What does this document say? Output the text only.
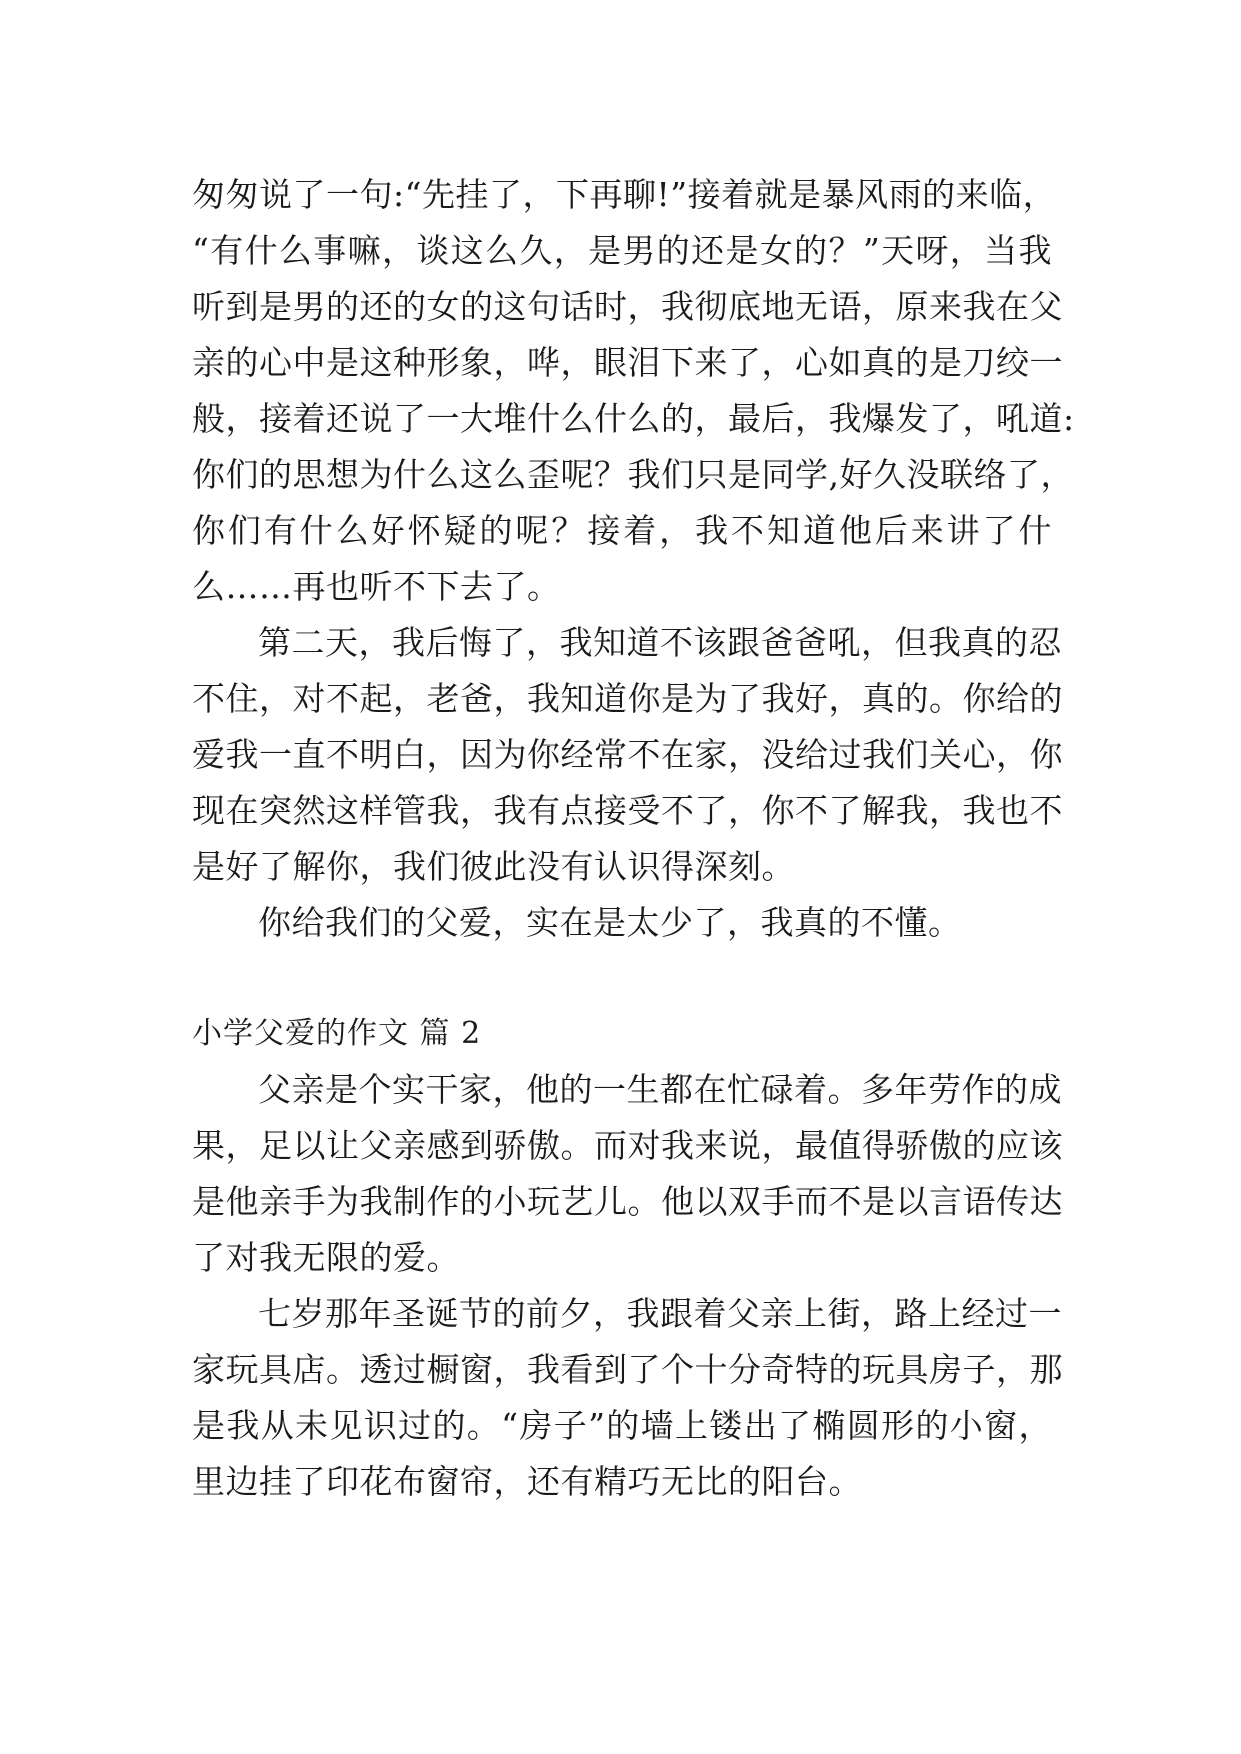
匆匆说了一句:“先挂了，下再聊!”接着就是暴风雨的来临，
“有什么事嘛，谈这么久，是男的还是女的？”天呀，当我
听到是男的还的女的这句话时，我彻底地无语，原来我在父
亲的心中是这种形象，哗，眼泪下来了，心如真的是刀绞一
般，接着还说了一大堆什么什么的，最后，我爆发了，吼道:
你们的思想为什么这么歪呢？我们只是同学,好久没联络了，
你们有什么好怀疑的呢？接着，我不知道他后来讲了什
么……再也听不下去了。
第二天，我后悔了，我知道不该跟爸爸吼，但我真的忍
不住，对不起，老爸，我知道你是为了我好，真的。你给的
爱我一直不明白，因为你经常不在家，没给过我们关心，你
现在突然这样管我，我有点接受不了，你不了解我，我也不
是好了解你，我们彼此没有认识得深刻。
你给我们的父爱，实在是太少了，我真的不懂。
小学父爱的作文 篇 2
父亲是个实干家，他的一生都在忙碌着。多年劳作的成
果，足以让父亲感到骄傲。而对我来说，最值得骄傲的应该
是他亲手为我制作的小玩艺儿。他以双手而不是以言语传达
了对我无限的爱。
七岁那年圣诞节的前夕，我跟着父亲上街，路上经过一
家玩具店。透过橱窗，我看到了个十分奇特的玩具房子，那
是我从未见识过的。“房子”的墙上镂出了椭圆形的小窗，
里边挂了印花布窗帘，还有精巧无比的阳台。
